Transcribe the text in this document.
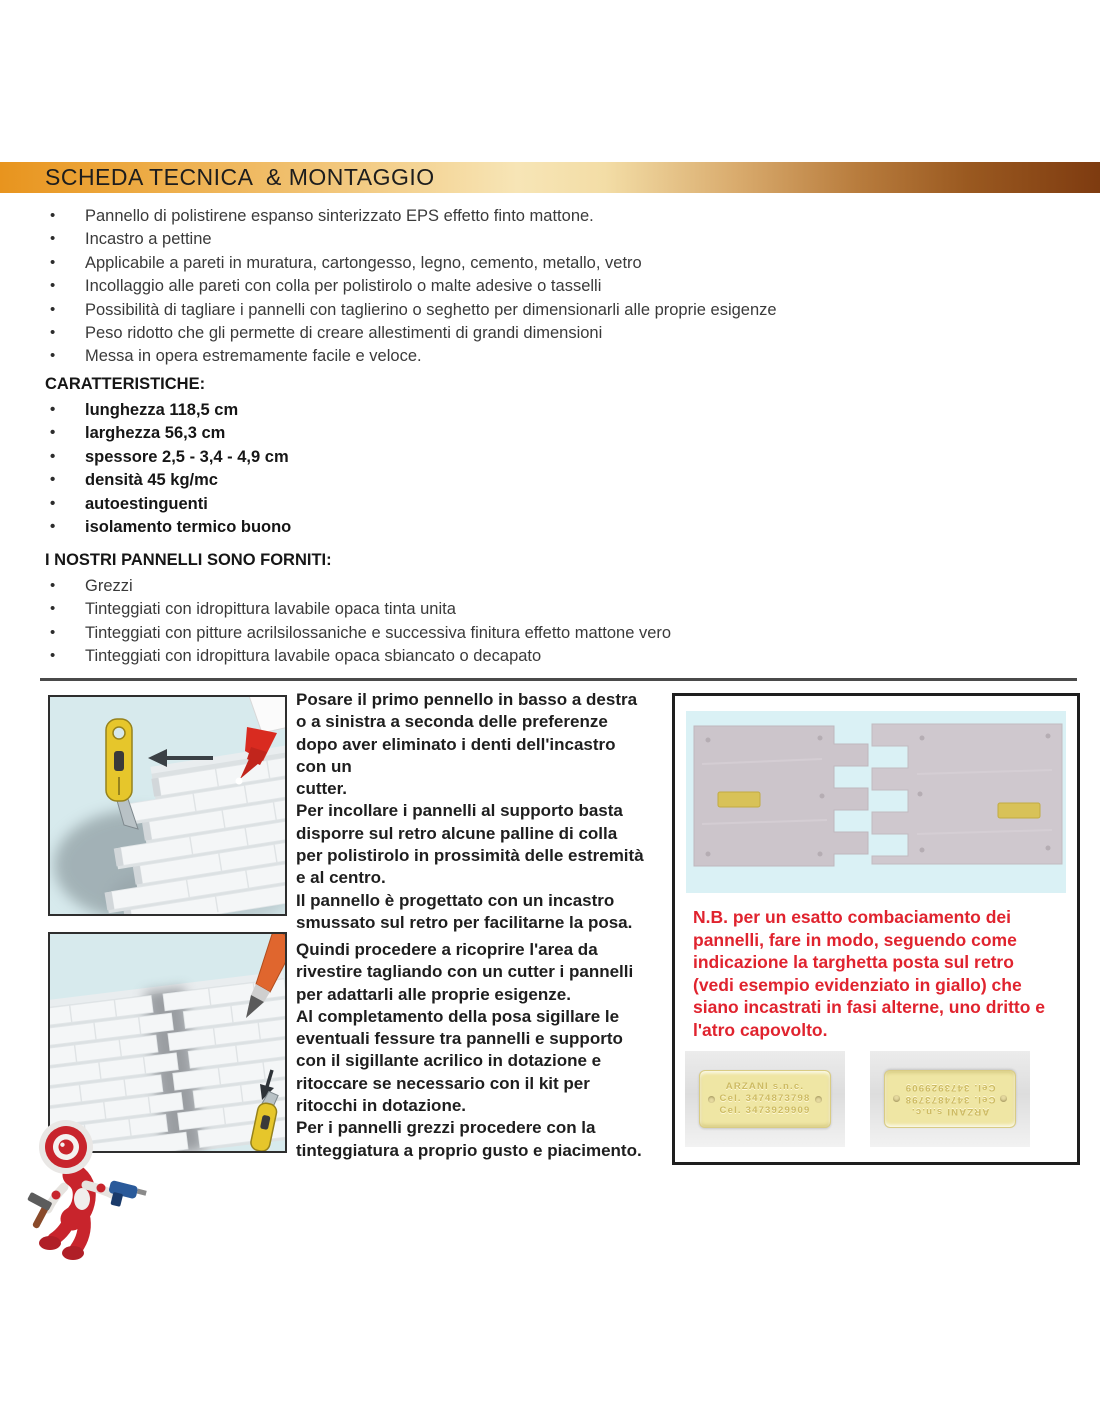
SCHEDA TECNICA  & MONTAGGIO
• Pannello di polistirene espanso sinterizzato EPS effetto finto mattone.
• Incastro a pettine
• Applicabile a pareti in muratura, cartongesso, legno, cemento, metallo, vetro
• Incollaggio alle pareti con colla per polistirolo o malte adesive o tasselli
• Possibilità di tagliare i pannelli con taglierino o seghetto per dimensionarli alle proprie esigenze
• Peso ridotto che gli permette di creare allestimenti di grandi dimensioni
• Messa in opera estremamente facile e veloce.
CARATTERISTICHE:
• lunghezza 118,5 cm
• larghezza 56,3 cm
• spessore 2,5 - 3,4 - 4,9 cm
• densità 45 kg/mc
• autoestinguenti
• isolamento termico buono
I NOSTRI PANNELLI SONO FORNITI:
• Grezzi
• Tinteggiati con idropittura lavabile opaca tinta unita
• Tinteggiati con pitture acrilsilossaniche e successiva finitura effetto mattone vero
• Tinteggiati con idropittura lavabile opaca sbiancato o decapato
Posare il primo pennello in basso a destra
o a sinistra a seconda delle preferenze
dopo aver eliminato i denti dell'incastro
con un
cutter.
Per incollare i pannelli al supporto basta
disporre sul retro alcune palline di colla
per polistirolo in prossimità delle estremità
e al centro.
Il pannello è progettato con un incastro
smussato sul retro per facilitarne la posa.
Quindi procedere a ricoprire l'area da
rivestire tagliando con un cutter i pannelli
per adattarli alle proprie esigenze.
Al completamento della posa sigillare le
eventuali fessure tra pannelli e supporto
con il sigillante acrilico in dotazione e
ritoccare se necessario con il kit per
ritocchi in dotazione.
Per i pannelli grezzi procedere con la
tinteggiatura a proprio gusto e piacimento.
N.B. per un esatto combaciamento dei
pannelli, fare in modo, seguendo come
indicazione la targhetta posta sul retro
(vedi esempio evidenziato in giallo) che
siano incastrati in fasi alterne, uno dritto e
l'atro capovolto.
ARZANI s.n.c.
Cel. 3474873798
Cel. 3473929909	ARZANI s.n.c.
Cel. 3474873798
Cel. 3473929909
